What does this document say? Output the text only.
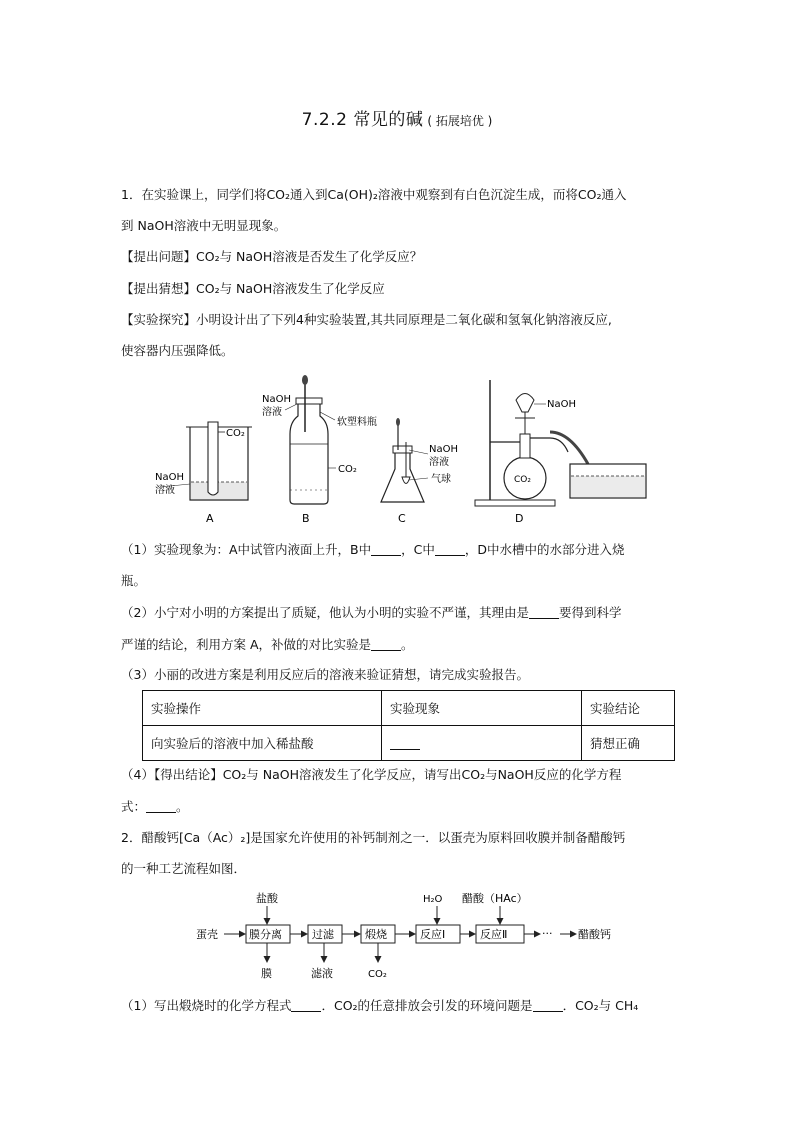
7.2.2 常见的碱 ( 拓展培优 )
1．在实验课上，同学们将CO₂通入到Ca(OH)₂溶液中观察到有白色沉淀生成，而将CO₂通入
到 NaOH溶液中无明显现象。
【提出问题】CO₂与 NaOH溶液是否发生了化学反应？
【提出猜想】CO₂与 NaOH溶液发生了化学反应
【实验探究】小明设计出了下列4种实验装置,其共同原理是二氧化碳和氢氧化钠溶液反应,
使容器内压强降低。
CO₂
NaOH
溶液
A
NaOH
溶液
软塑料瓶
CO₂
B
NaOH
溶液
气球
C
NaOH
CO₂
D
（1）实验现象为：A中试管内液面上升，B中 ，C中 ，D中水槽中的水部分进入烧
瓶。
（2）小宁对小明的方案提出了质疑，他认为小明的实验不严谨，其理由是 要得到科学
严谨的结论，利用方案 A，补做的对比实验是 。
（3）小丽的改进方案是利用反应后的溶液来验证猜想，请完成实验报告。
实验操作	实验现象	实验结论
向实验后的溶液中加入稀盐酸		猜想正确
（4）【得出结论】CO₂与 NaOH溶液发生了化学反应，请写出CO₂与NaOH反应的化学方程
式： 。
2．醋酸钙[Ca（Ac）₂]是国家允许使用的补钙制剂之一．以蛋壳为原料回收膜并制备醋酸钙
的一种工艺流程如图．
蛋壳	膜分离
盐酸
膜
过滤
滤液
煅烧
CO₂
反应Ⅰ
H₂O
反应Ⅱ
醋酸（HAc）
··· 醋酸钙
（1）写出煅烧时的化学方程式 ．CO₂的任意排放会引发的环境问题是 ．CO₂与 CH₄
